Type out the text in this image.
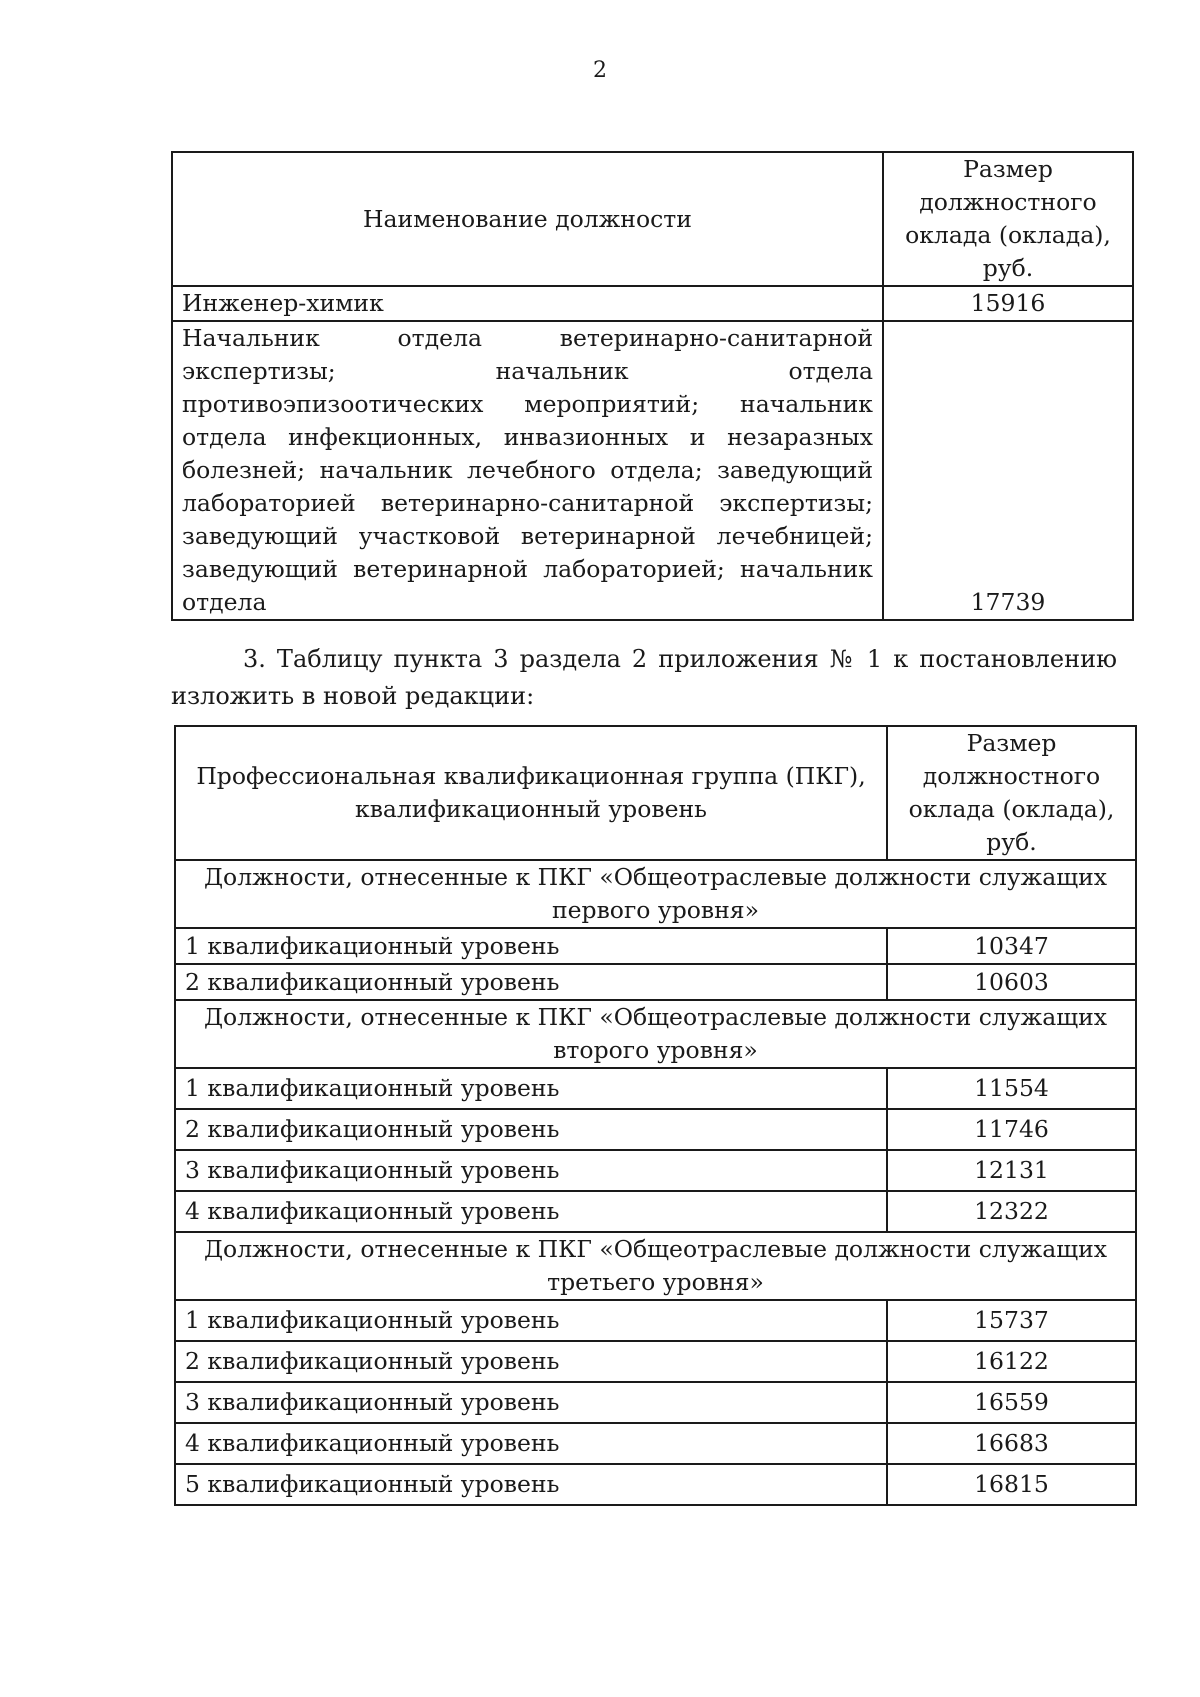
2
Наименование должности	Размер должностного оклада (оклада), руб.
Инженер-химик	15916
Начальник отдела ветеринарно-санитарной экспертизы; начальник отдела противоэпизоотических мероприятий; начальник отдела инфекционных, инвазионных и незаразных болезней; начальник лечебного отдела; заведующий лабораторией ветеринарно-санитарной экспертизы; заведующий участковой ветеринарной лечебницей; заведующий ветеринарной лабораторией; начальник отдела	17739

3. Таблицу пункта 3 раздела 2 приложения № 1 к постановлению изложить в новой редакции:

Профессиональная квалификационная группа (ПКГ), квалификационный уровень	Размер должностного оклада (оклада), руб.
Должности, отнесенные к ПКГ «Общеотраслевые должности служащих первого уровня»	
1 квалификационный уровень	10347
2 квалификационный уровень	10603
Должности, отнесенные к ПКГ «Общеотраслевые должности служащих второго уровня»	
1 квалификационный уровень	11554
2 квалификационный уровень	11746
3 квалификационный уровень	12131
4 квалификационный уровень	12322
Должности, отнесенные к ПКГ «Общеотраслевые должности служащих третьего уровня»	
1 квалификационный уровень	15737
2 квалификационный уровень	16122
3 квалификационный уровень	16559
4 квалификационный уровень	16683
5 квалификационный уровень	16815
